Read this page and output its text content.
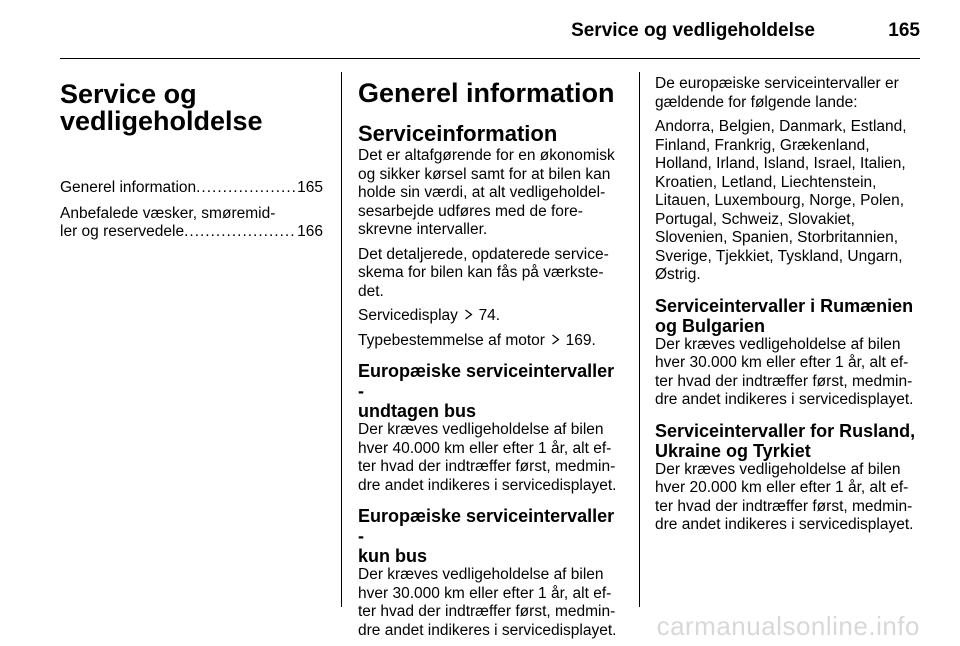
Service og vedligeholdelse	165
Service og
vedligeholdelse
Generel information .....	165
Anbefalede væsker, smøremid-
ler og reservedele .....	166
Generel information
Serviceinformation
Det er altafgørende for en økonomisk
og sikker kørsel samt for at bilen kan
holde sin værdi, at alt vedligeholdel-
sesarbejde udføres med de fore-
skrevne intervaller.
Det detaljerede, opdaterede service-
skema for bilen kan fås på værkste-
det.
Servicedisplay 74.
Typebestemmelse af motor 169.
Europæiske serviceintervaller -
undtagen bus
Der kræves vedligeholdelse af bilen
hver 40.000 km eller efter 1 år, alt ef-
ter hvad der indtræffer først, medmin-
dre andet indikeres i servicedisplayet.
Europæiske serviceintervaller -
kun bus
Der kræves vedligeholdelse af bilen
hver 30.000 km eller efter 1 år, alt ef-
ter hvad der indtræffer først, medmin-
dre andet indikeres i servicedisplayet.
De europæiske serviceintervaller er
gældende for følgende lande:
Andorra, Belgien, Danmark, Estland,
Finland, Frankrig, Grækenland,
Holland, Irland, Island, Israel, Italien,
Kroatien, Letland, Liechtenstein,
Litauen, Luxembourg, Norge, Polen,
Portugal, Schweiz, Slovakiet,
Slovenien, Spanien, Storbritannien,
Sverige, Tjekkiet, Tyskland, Ungarn,
Østrig.
Serviceintervaller i Rumænien
og Bulgarien
Der kræves vedligeholdelse af bilen
hver 30.000 km eller efter 1 år, alt ef-
ter hvad der indtræffer først, medmin-
dre andet indikeres i servicedisplayet.
Serviceintervaller for Rusland,
Ukraine og Tyrkiet
Der kræves vedligeholdelse af bilen
hver 20.000 km eller efter 1 år, alt ef-
ter hvad der indtræffer først, medmin-
dre andet indikeres i servicedisplayet.
carmanualsonline.info
